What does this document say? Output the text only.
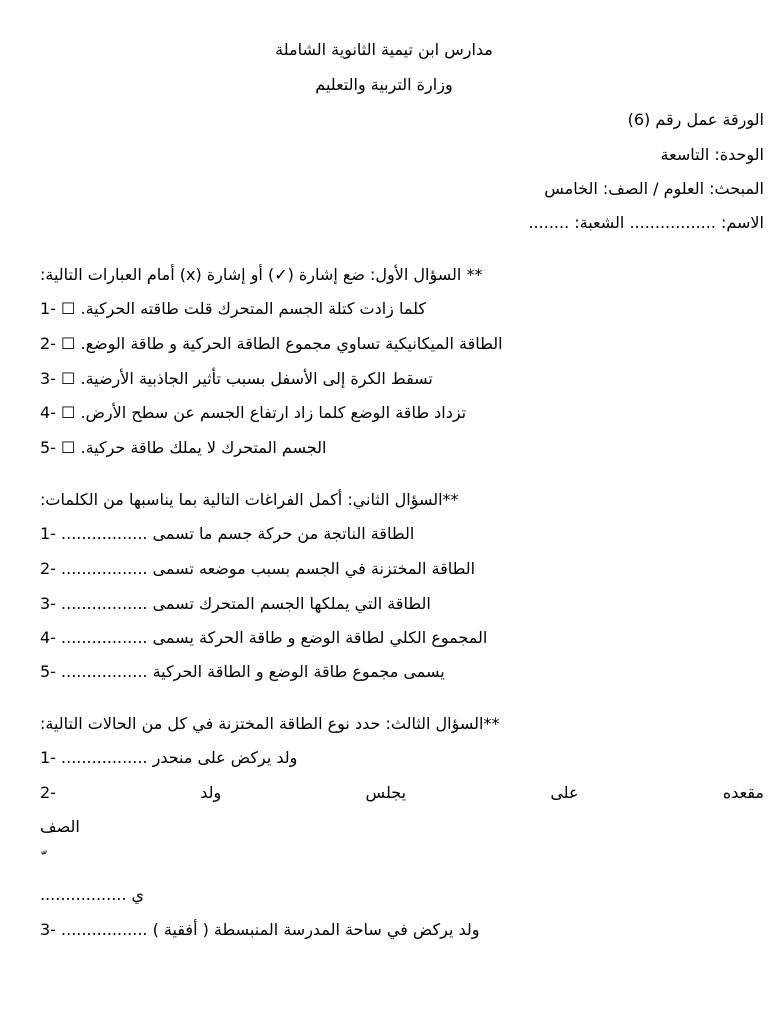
مدارس ابن تيمية الثانوية الشاملة
وزارة التربية والتعليم
الورقة عمل رقم (6)
الوحدة: التاسعة
المبحث: العلوم / الصف: الخامس
الاسم: ................. الشعبة: ........
** السؤال الأول: ضع إشارة (✓) أو إشارة (x) أمام العبارات التالية:
1- كلما زادت كتلة الجسم المتحرك قلت طاقته الحركية. ☐
2- الطاقة الميكانيكية تساوي مجموع الطاقة الحركية و طاقة الوضع. ☐
3- تسقط الكرة إلى الأسفل بسبب تأثير الجاذبية الأرضية. ☐
4- تزداد طاقة الوضع كلما زاد ارتفاع الجسم عن سطح الأرض. ☐
5- الجسم المتحرك لا يملك طاقة حركية. ☐
**السؤال الثاني: أكمل الفراغات التالية بما يناسبها من الكلمات:
1- الطاقة الناتجة من حركة جسم ما تسمى .................
2- الطاقة المختزنة في الجسم بسبب موضعه تسمى .................
3- الطاقة التي يملكها الجسم المتحرك تسمى .................
4- المجموع الكلي لطاقة الوضع و طاقة الحركة يسمى .................
5- يسمى مجموع طاقة الوضع و الطاقة الحركية .................
**السؤال الثالث: حدد نوع الطاقة المختزنة في كل من الحالات التالية:
1- ولد يركض على منحدر .................
2-	ولد	يجلس	على	مقعده
الصف
ي .................
3- ولد يركض في ساحة المدرسة المنبسطة ( أفقية ) .................
